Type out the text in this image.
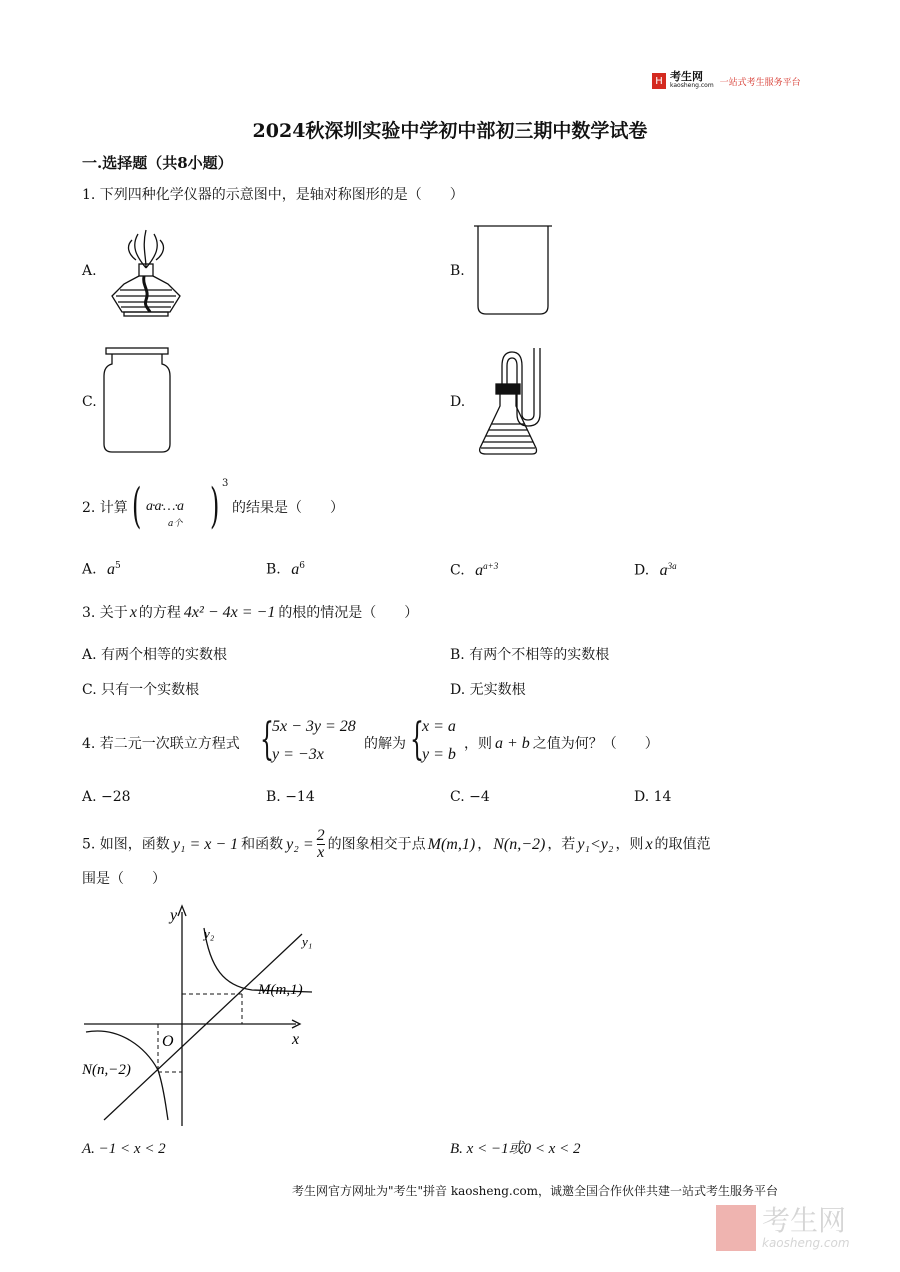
H 考生网
kaosheng.com 一站式考生服务平台
2024秋深圳实验中学初中部初三期中数学试卷
一.选择题（共8小题）
1. 下列四种化学仪器的示意图中，是轴对称图形的是（　　）
A.	B.
C.	D.
2. 计算 ( a·a·…·a
a个 ) 3
的结果是（　　）
A. $a^5$	B. $a^6$	C. $a^{a+3}$	D. $a^{3a}$
3. 关于 x 的方程 4x² − 4x = −1 的根的情况是（　　）
A. 有两个相等的实数根	B. 有两个不相等的实数根
C. 只有一个实数根	D. 无实数根
4. 若二元一次联立方程式 {
5x − 3y = 28
y = −3x
的解为 {
x = a
y = b
，则 a + b 之值为何？（　　）
A. −28	B. −14	C. −4	D. 14
5. 如图，函数 y₁ = x − 1 和函数 $y_2 = \frac{2}{x}$ 的图象相交于点 M(m,1) ， N(n,−2) ，若 y₁<y₂ ，则 x 的取值范
围是（　　）
y
x
O
y₂
y₁
M(m,1)
N(n,−2)
A. −1 < x < 2	B. x < −1或0 < x < 2
考生网官方网址为"考生"拼音 kaosheng.com，诚邀全国合作伙伴共建一站式考生服务平台
考生网
kaosheng.com
